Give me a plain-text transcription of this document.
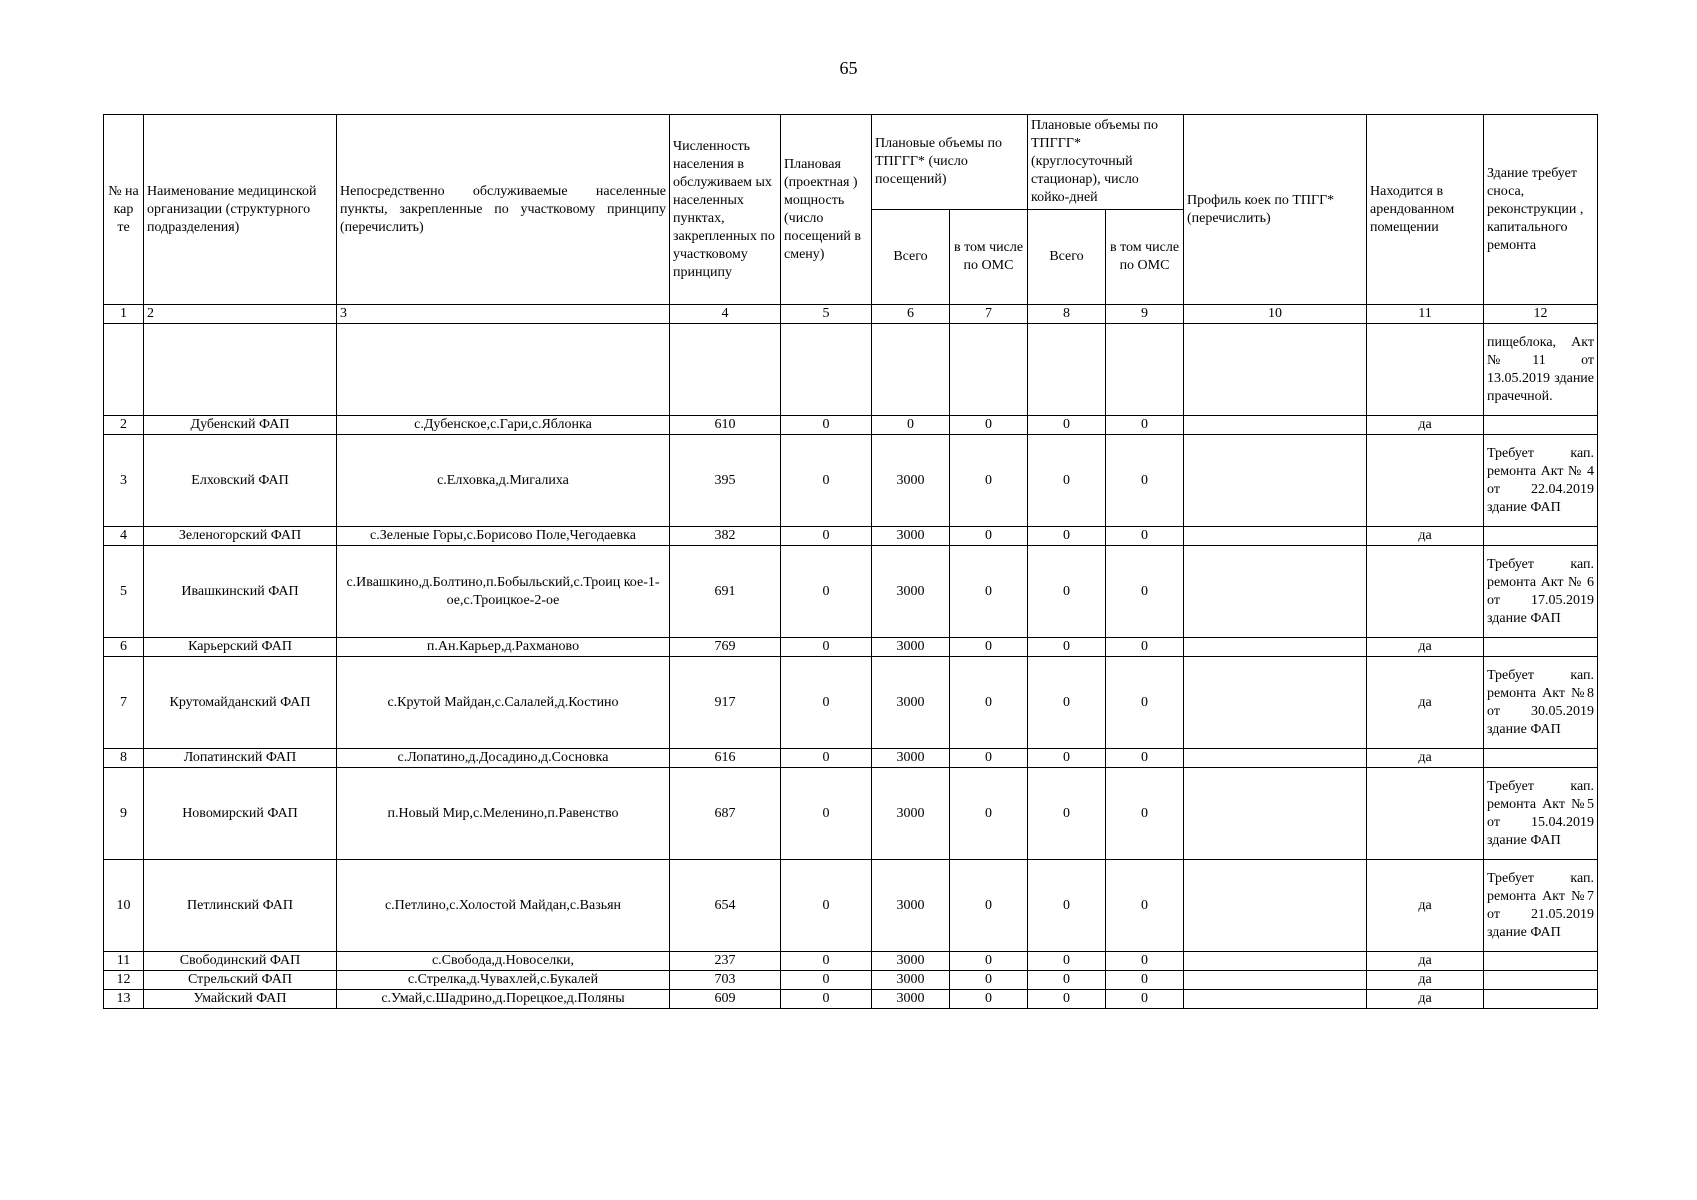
65
№ на кар те	Наименование медицинской организации (структурного подразделения)	Непосредственно обслуживаемые населенные пункты, закрепленные по участковому принципу (перечислить)	Численность населения в обслуживаем ых населенных пунктах, закрепленных по участковому принципу	Плановая (проектная ) мощность (число посещений в смену)	Плановые объемы по ТПГГГ* (число посещений)		Плановые объемы по ТПГГГ* (круглосуточный стационар), число койко-дней		Профиль коек по ТПГГ* (перечислить)	Находится в арендованном помещении	Здание требует сноса, реконструкции , капитального ремонта
					Всего	в том числе по ОМС	Всего	в том числе по ОМС			
1	2	3	4	5	6	7	8	9	10	11	12
											пищеблока, Акт №11 от 13.05.2019 здание прачечной.
2	Дубенский ФАП	с.Дубенское,с.Гари,с.Яблонка	610	0	0	0	0	0		да	
3	Елховский ФАП	с.Елховка,д.Мигалиха	395	0	3000	0	0	0			Требует кап. ремонта Акт № 4 от 22.04.2019 здание ФАП
4	Зеленогорский ФАП	с.Зеленые Горы,с.Борисово Поле,Чегодаевка	382	0	3000	0	0	0		да	
5	Ивашкинский ФАП	с.Ивашкино,д.Болтино,п.Бобыльский,с.Троиц кое-1-ое,с.Троицкое-2-ое	691	0	3000	0	0	0			Требует кап. ремонта Акт № 6 от 17.05.2019 здание ФАП
6	Карьерский ФАП	п.Ан.Карьер,д.Рахманово	769	0	3000	0	0	0		да	
7	Крутомайданский ФАП	с.Крутой Майдан,с.Салалей,д.Костино	917	0	3000	0	0	0		да	Требует кап. ремонта Акт №8 от 30.05.2019 здание ФАП
8	Лопатинский ФАП	с.Лопатино,д.Досадино,д.Сосновка	616	0	3000	0	0	0		да	
9	Новомирский ФАП	п.Новый Мир,с.Меленино,п.Равенство	687	0	3000	0	0	0			Требует кап. ремонта Акт №5 от 15.04.2019 здание ФАП
10	Петлинский ФАП	с.Петлино,с.Холостой Майдан,с.Вазьян	654	0	3000	0	0	0		да	Требует кап. ремонта Акт №7 от 21.05.2019 здание ФАП
11	Свободинский ФАП	с.Свобода,д.Новоселки,	237	0	3000	0	0	0		да	
12	Стрельский ФАП	с.Стрелка,д.Чувахлей,с.Букалей	703	0	3000	0	0	0		да	
13	Умайский ФАП	с.Умай,с.Шадрино,д.Порецкое,д.Поляны	609	0	3000	0	0	0		да	
